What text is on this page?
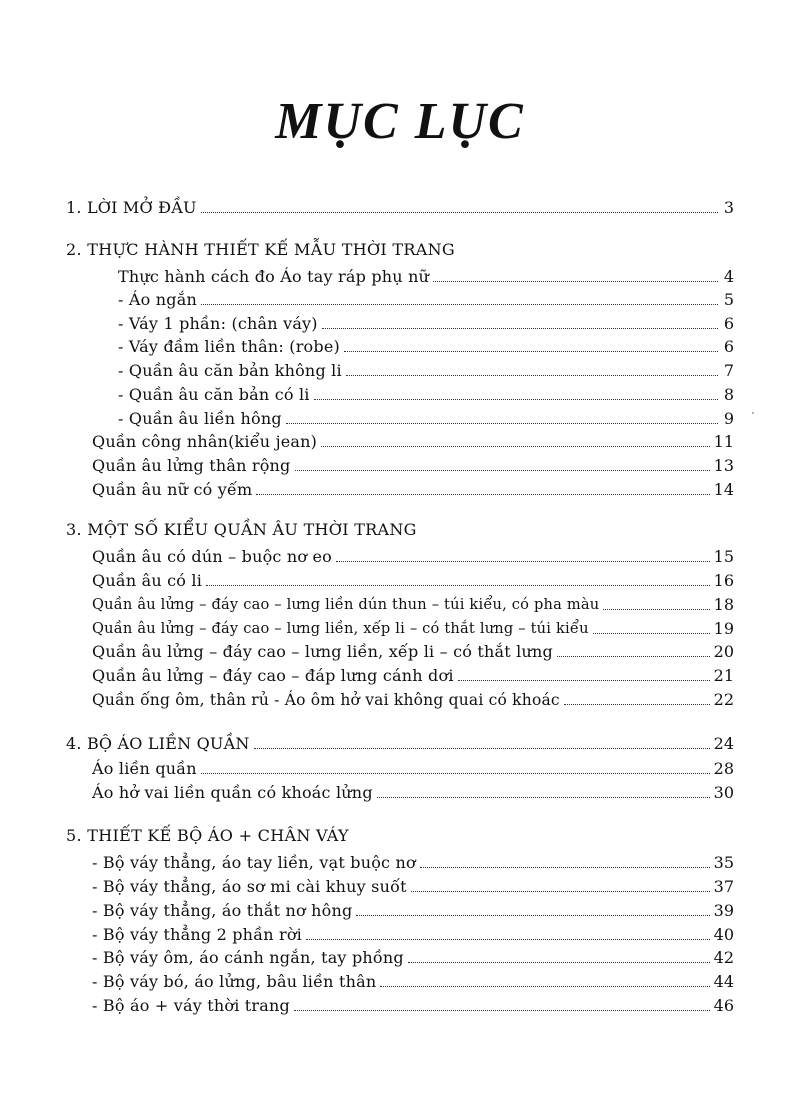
MỤC LỤC
1. LỜI MỞ ĐẦU	3
2. THỰC HÀNH THIẾT KẾ MẪU THỜI TRANG
Thực hành cách đo Áo tay ráp phụ nữ	4
- Áo ngắn	5
- Váy 1 phần: (chân váy)	6
- Váy đầm liền thân: (robe)	6
- Quần âu căn bản không li	7
- Quần âu căn bản có li	8
- Quần âu liền hông	9
Quần công nhân(kiểu jean)	11
Quần âu lửng thân rộng	13
Quần âu nữ có yếm	14
3. MỘT SỐ KIỂU QUẦN ÂU THỜI TRANG
Quần âu có dún – buộc nơ eo	15
Quần âu có li	16
Quần âu lửng – đáy cao – lưng liền dún thun – túi kiểu, có pha màu	18
Quần âu lửng – đáy cao – lưng liền, xếp li – có thắt lưng – túi kiểu	19
Quần âu lửng – đáy cao – lưng liền, xếp li – có thắt lưng	20
Quần âu lửng – đáy cao – đáp lưng cánh dơi	21
Quần ống ôm, thân rủ - Áo ôm hở vai không quai có khoác	22
4. BỘ ÁO LIỀN QUẦN	24
Áo liền quần	28
Áo hở vai liền quần có khoác lửng	30
5. THIẾT KẾ BỘ ÁO + CHÂN VÁY
- Bộ váy thẳng, áo tay liền, vạt buộc nơ	35
- Bộ váy thẳng, áo sơ mi cài khuy suốt	37
- Bộ váy thẳng, áo thắt nơ hông	39
- Bộ váy thẳng 2 phần rời	40
- Bộ váy ôm, áo cánh ngắn, tay phồng	42
- Bộ váy bó, áo lửng, bâu liền thân	44
- Bộ áo + váy thời trang	46
